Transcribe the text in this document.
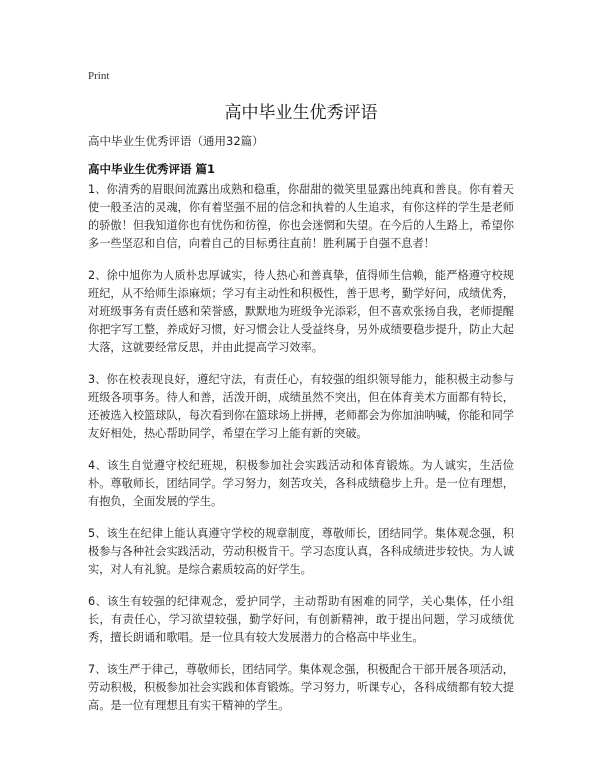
Print
高中毕业生优秀评语

高中毕业生优秀评语（通用32篇）

高中毕业生优秀评语 篇1

1、你清秀的眉眼间流露出成熟和稳重，你甜甜的微笑里显露出纯真和善良。你有着天使一般圣洁的灵魂，你有着坚强不屈的信念和执着的人生追求，有你这样的学生是老师的骄傲！但我知道你也有忧伤和彷徨，你也会迷惘和失望。在今后的人生路上，希望你多一些坚忍和自信，向着自己的目标勇往直前！胜利属于自强不息者！

2、徐中旭你为人质朴忠厚诚实，待人热心和善真挚，值得师生信赖，能严格遵守校规班纪，从不给师生添麻烦；学习有主动性和积极性，善于思考，勤学好问，成绩优秀，对班级事务有责任感和荣誉感，默默地为班级争光添彩，但不喜欢张扬自我，老师提醒你把字写工整，养成好习惯，好习惯会让人受益终身，另外成绩要稳步提升，防止大起大落，这就要经常反思，并由此提高学习效率。

3、你在校表现良好，遵纪守法，有责任心，有较强的组织领导能力，能积极主动参与班级各项事务。待人和善，活泼开朗，成绩虽然不突出，但在体育美术方面都有特长，还被选入校篮球队，每次看到你在篮球场上拼搏，老师都会为你加油呐喊，你能和同学友好相处，热心帮助同学，希望在学习上能有新的突破。

4、该生自觉遵守校纪班规，积极参加社会实践活动和体育锻炼。为人诚实，生活俭朴。尊敬师长，团结同学。学习努力，刻苦攻关，各科成绩稳步上升。是一位有理想，有抱负，全面发展的学生。

5、该生在纪律上能认真遵守学校的规章制度，尊敬师长，团结同学。集体观念强，积极参与各种社会实践活动，劳动积极肯干。学习态度认真，各科成绩进步较快。为人诚实，对人有礼貌。是综合素质较高的好学生。

6、该生有较强的纪律观念，爱护同学，主动帮助有困难的同学，关心集体，任小组长，有责任心，学习欲望较强，勤学好问，有创新精神，敢于提出问题，学习成绩优秀，擅长朗诵和歌唱。是一位具有较大发展潜力的合格高中毕业生。

7、该生严于律己，尊敬师长，团结同学。集体观念强，积极配合干部开展各项活动，劳动积极，积极参加社会实践和体育锻炼。学习努力，听课专心，各科成绩都有较大提高。是一位有理想且有实干精神的学生。
